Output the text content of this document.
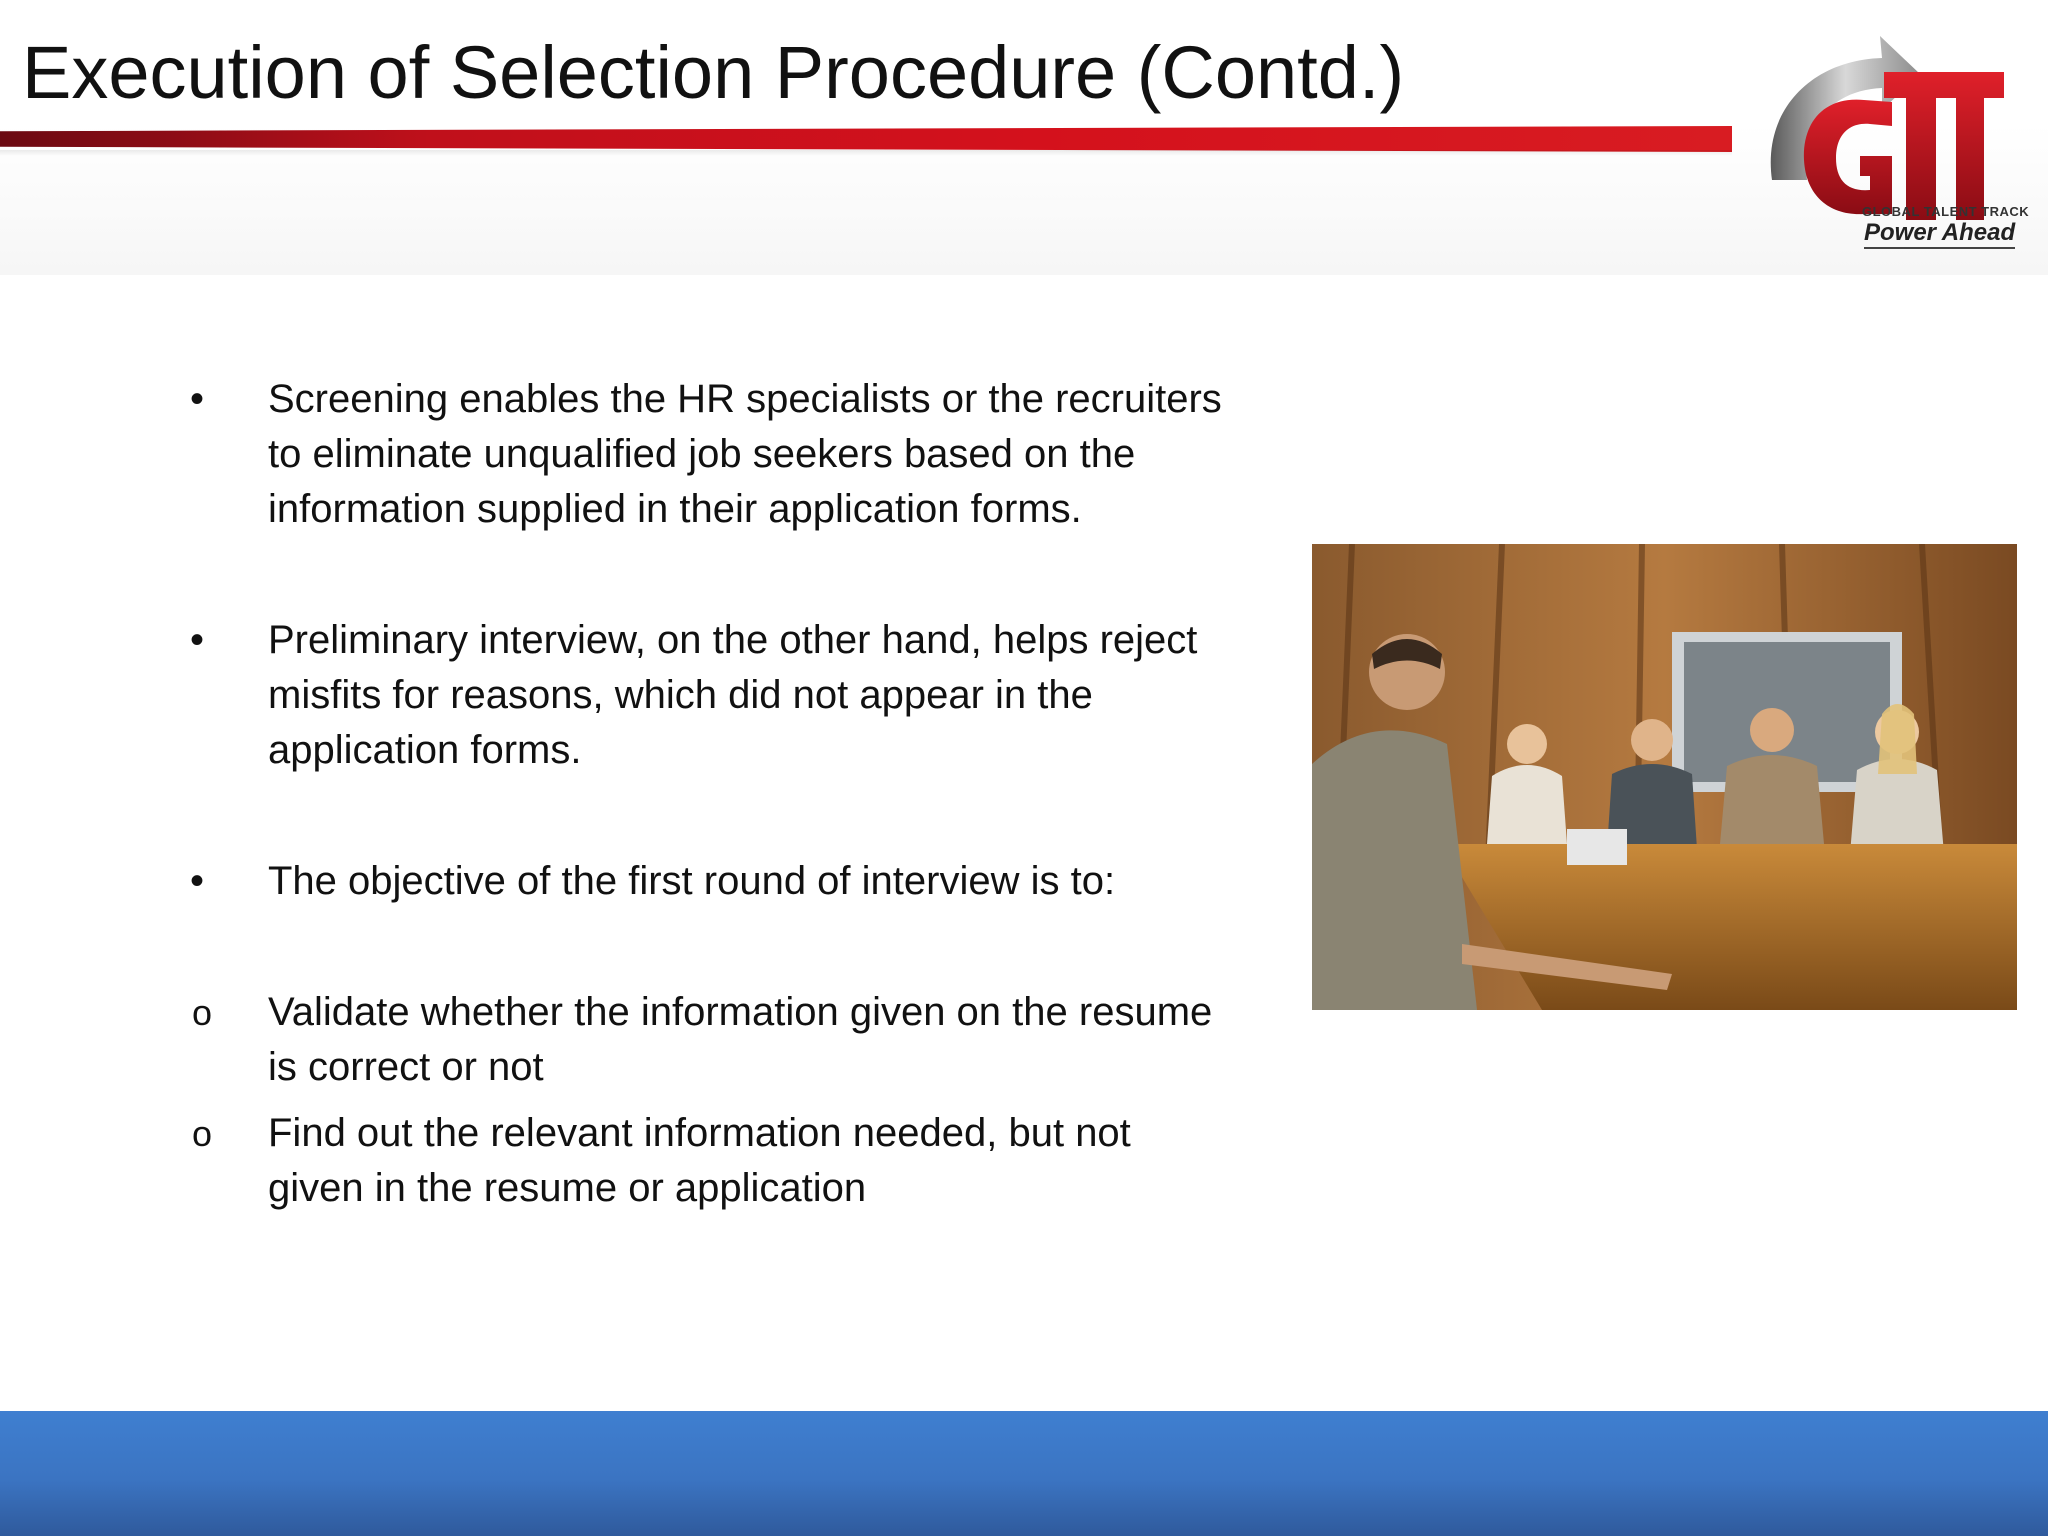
Execution of Selection Procedure (Contd.)
GLOBAL TALENT TRACK
Power Ahead
•	Screening enables the HR specialists or the recruiters
to eliminate unqualified job seekers based on the
information supplied in their application forms.
•	Preliminary interview, on the other hand, helps reject
misfits for reasons, which did not appear in the
application forms.
•	The objective of the first round of interview is to:
o	Validate whether the information given on the resume
is correct or not
o	Find out the relevant information needed, but not
given in the resume or application
